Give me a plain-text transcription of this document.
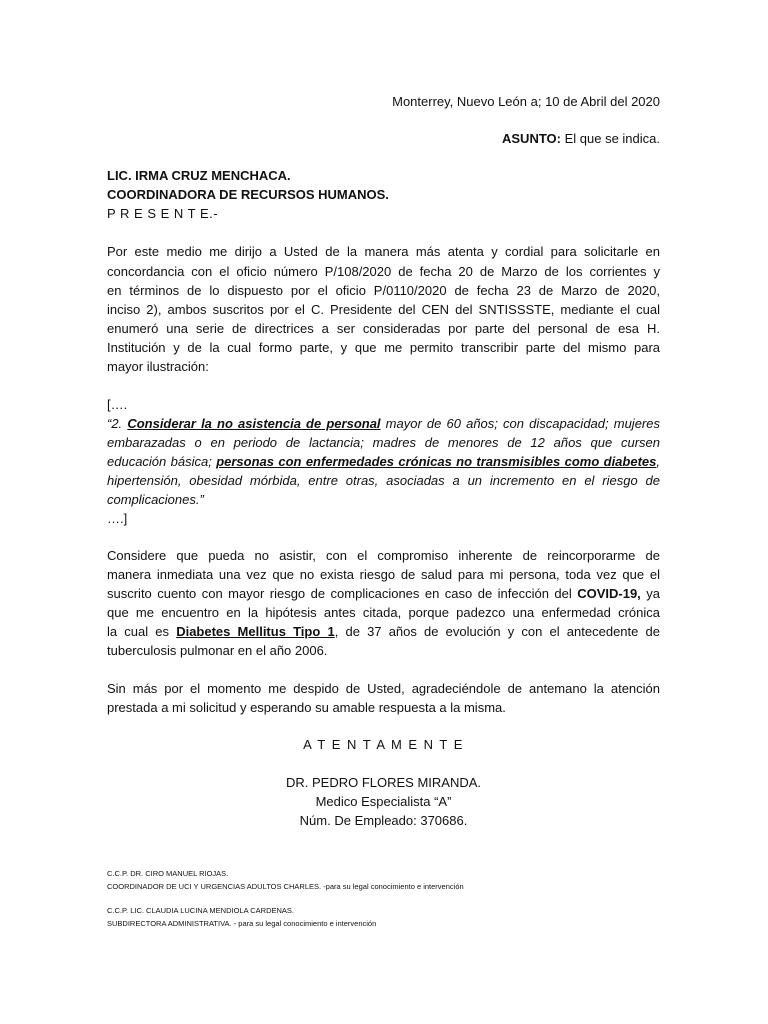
Monterrey, Nuevo León a; 10 de Abril del 2020
ASUNTO: El que se indica.
LIC. IRMA CRUZ MENCHACA.
COORDINADORA DE RECURSOS HUMANOS.
P R E S E N T E.-
Por este medio me dirijo a Usted de la manera más atenta y cordial para solicitarle en
concordancia con el oficio número P/108/2020 de fecha 20 de Marzo de los corrientes y
en términos de lo dispuesto por el oficio P/0110/2020 de fecha 23 de Marzo de 2020,
inciso 2), ambos suscritos por el C. Presidente del CEN del SNTISSSTE, mediante el cual
enumeró una serie de directrices a ser consideradas por parte del personal de esa H.
Institución y de la cual formo parte, y que me permito transcribir parte del mismo para
mayor ilustración:
[….
“2. Considerar la no asistencia de personal mayor de 60 años; con discapacidad; mujeres
embarazadas o en periodo de lactancia; madres de menores de 12 años que cursen
educación básica; personas con enfermedades crónicas no transmisibles como diabetes,
hipertensión, obesidad mórbida, entre otras, asociadas a un incremento en el riesgo de
complicaciones.”
….]
Considere que pueda no asistir, con el compromiso inherente de reincorporarme de
manera inmediata una vez que no exista riesgo de salud para mi persona, toda vez que el
suscrito cuento con mayor riesgo de complicaciones en caso de infección del COVID-19, ya
que me encuentro en la hipótesis antes citada, porque padezco una enfermedad crónica
la cual es Diabetes Mellitus Tipo 1, de 37 años de evolución y con el antecedente de
tuberculosis pulmonar en el año 2006.
Sin más por el momento me despido de Usted, agradeciéndole de antemano la atención
prestada a mi solicitud y esperando su amable respuesta a la misma.
A T E N T A M E N T E
DR. PEDRO FLORES MIRANDA.
Medico Especialista “A”
Núm. De Empleado: 370686.
C.C.P. DR. CIRO MANUEL RIOJAS.
COORDINADOR DE UCI Y URGENCIAS ADULTOS CHARLES. -para su legal conocimiento e intervención
C.C.P. LIC. CLAUDIA LUCINA MENDIOLA CARDENAS.
SUBDIRECTORA ADMINISTRATIVA. - para su legal conocimiento e intervención
